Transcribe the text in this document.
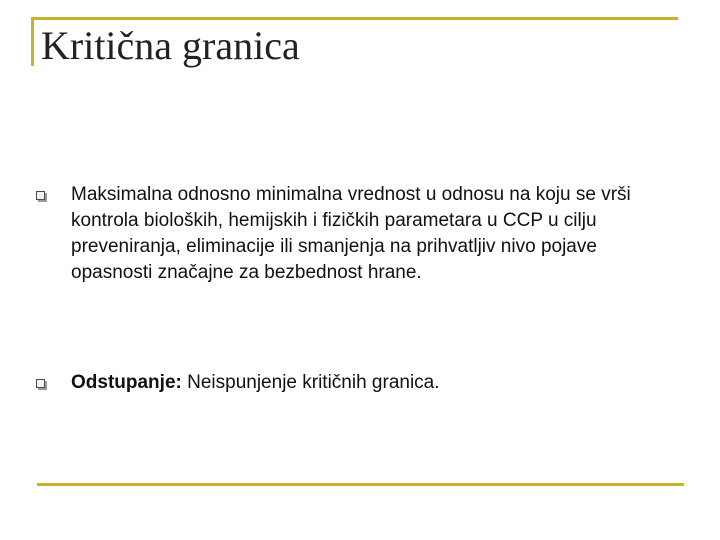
Kritična granica
Maksimalna odnosno minimalna vrednost u odnosu na koju se vrši kontrola bioloških, hemijskih i fizičkih parametara u CCP u cilju preveniranja, eliminacije ili smanjenja na prihvatljiv nivo pojave opasnosti značajne za bezbednost hrane.
Odstupanje: Neispunjenje kritičnih granica.
